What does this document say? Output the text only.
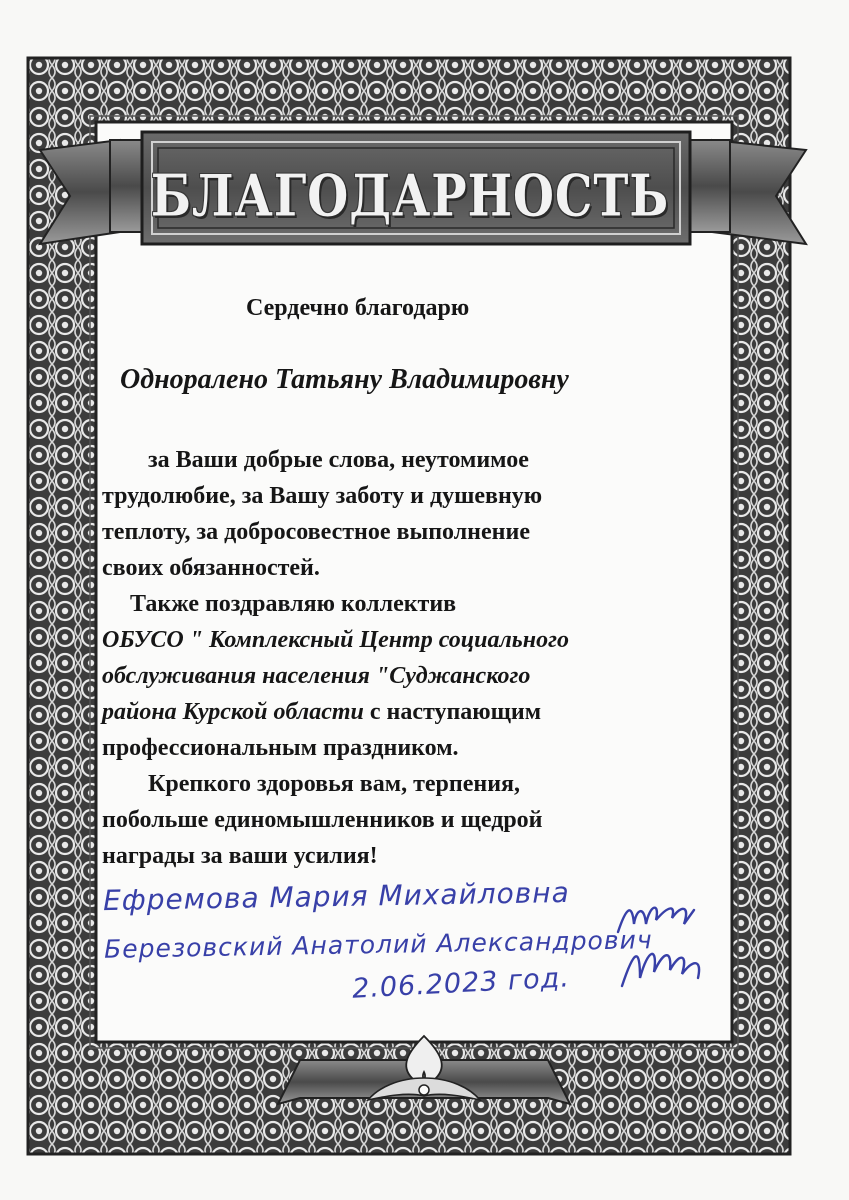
БЛАГОДАРНОСТЬ
Сердечно благодарю
Одноралено Татьяну Владимировну

за Ваши добрые слова, неутомимое

трудолюбие, за Вашу заботу и душевную

теплоту, за добросовестное выполнение

своих обязанностей.

Также поздравляю коллектив

ОБУСО " Комплексный Центр социального

обслуживания населения "Суджанского

района Курской области с наступающим

профессиональным праздником.

Крепкого здоровья вам, терпения,

побольше единомышленников и щедрой

награды за ваши усилия!

Ефремова Мария Михайловна
Березовский Анатолий Александрович
2.06.2023 год.
